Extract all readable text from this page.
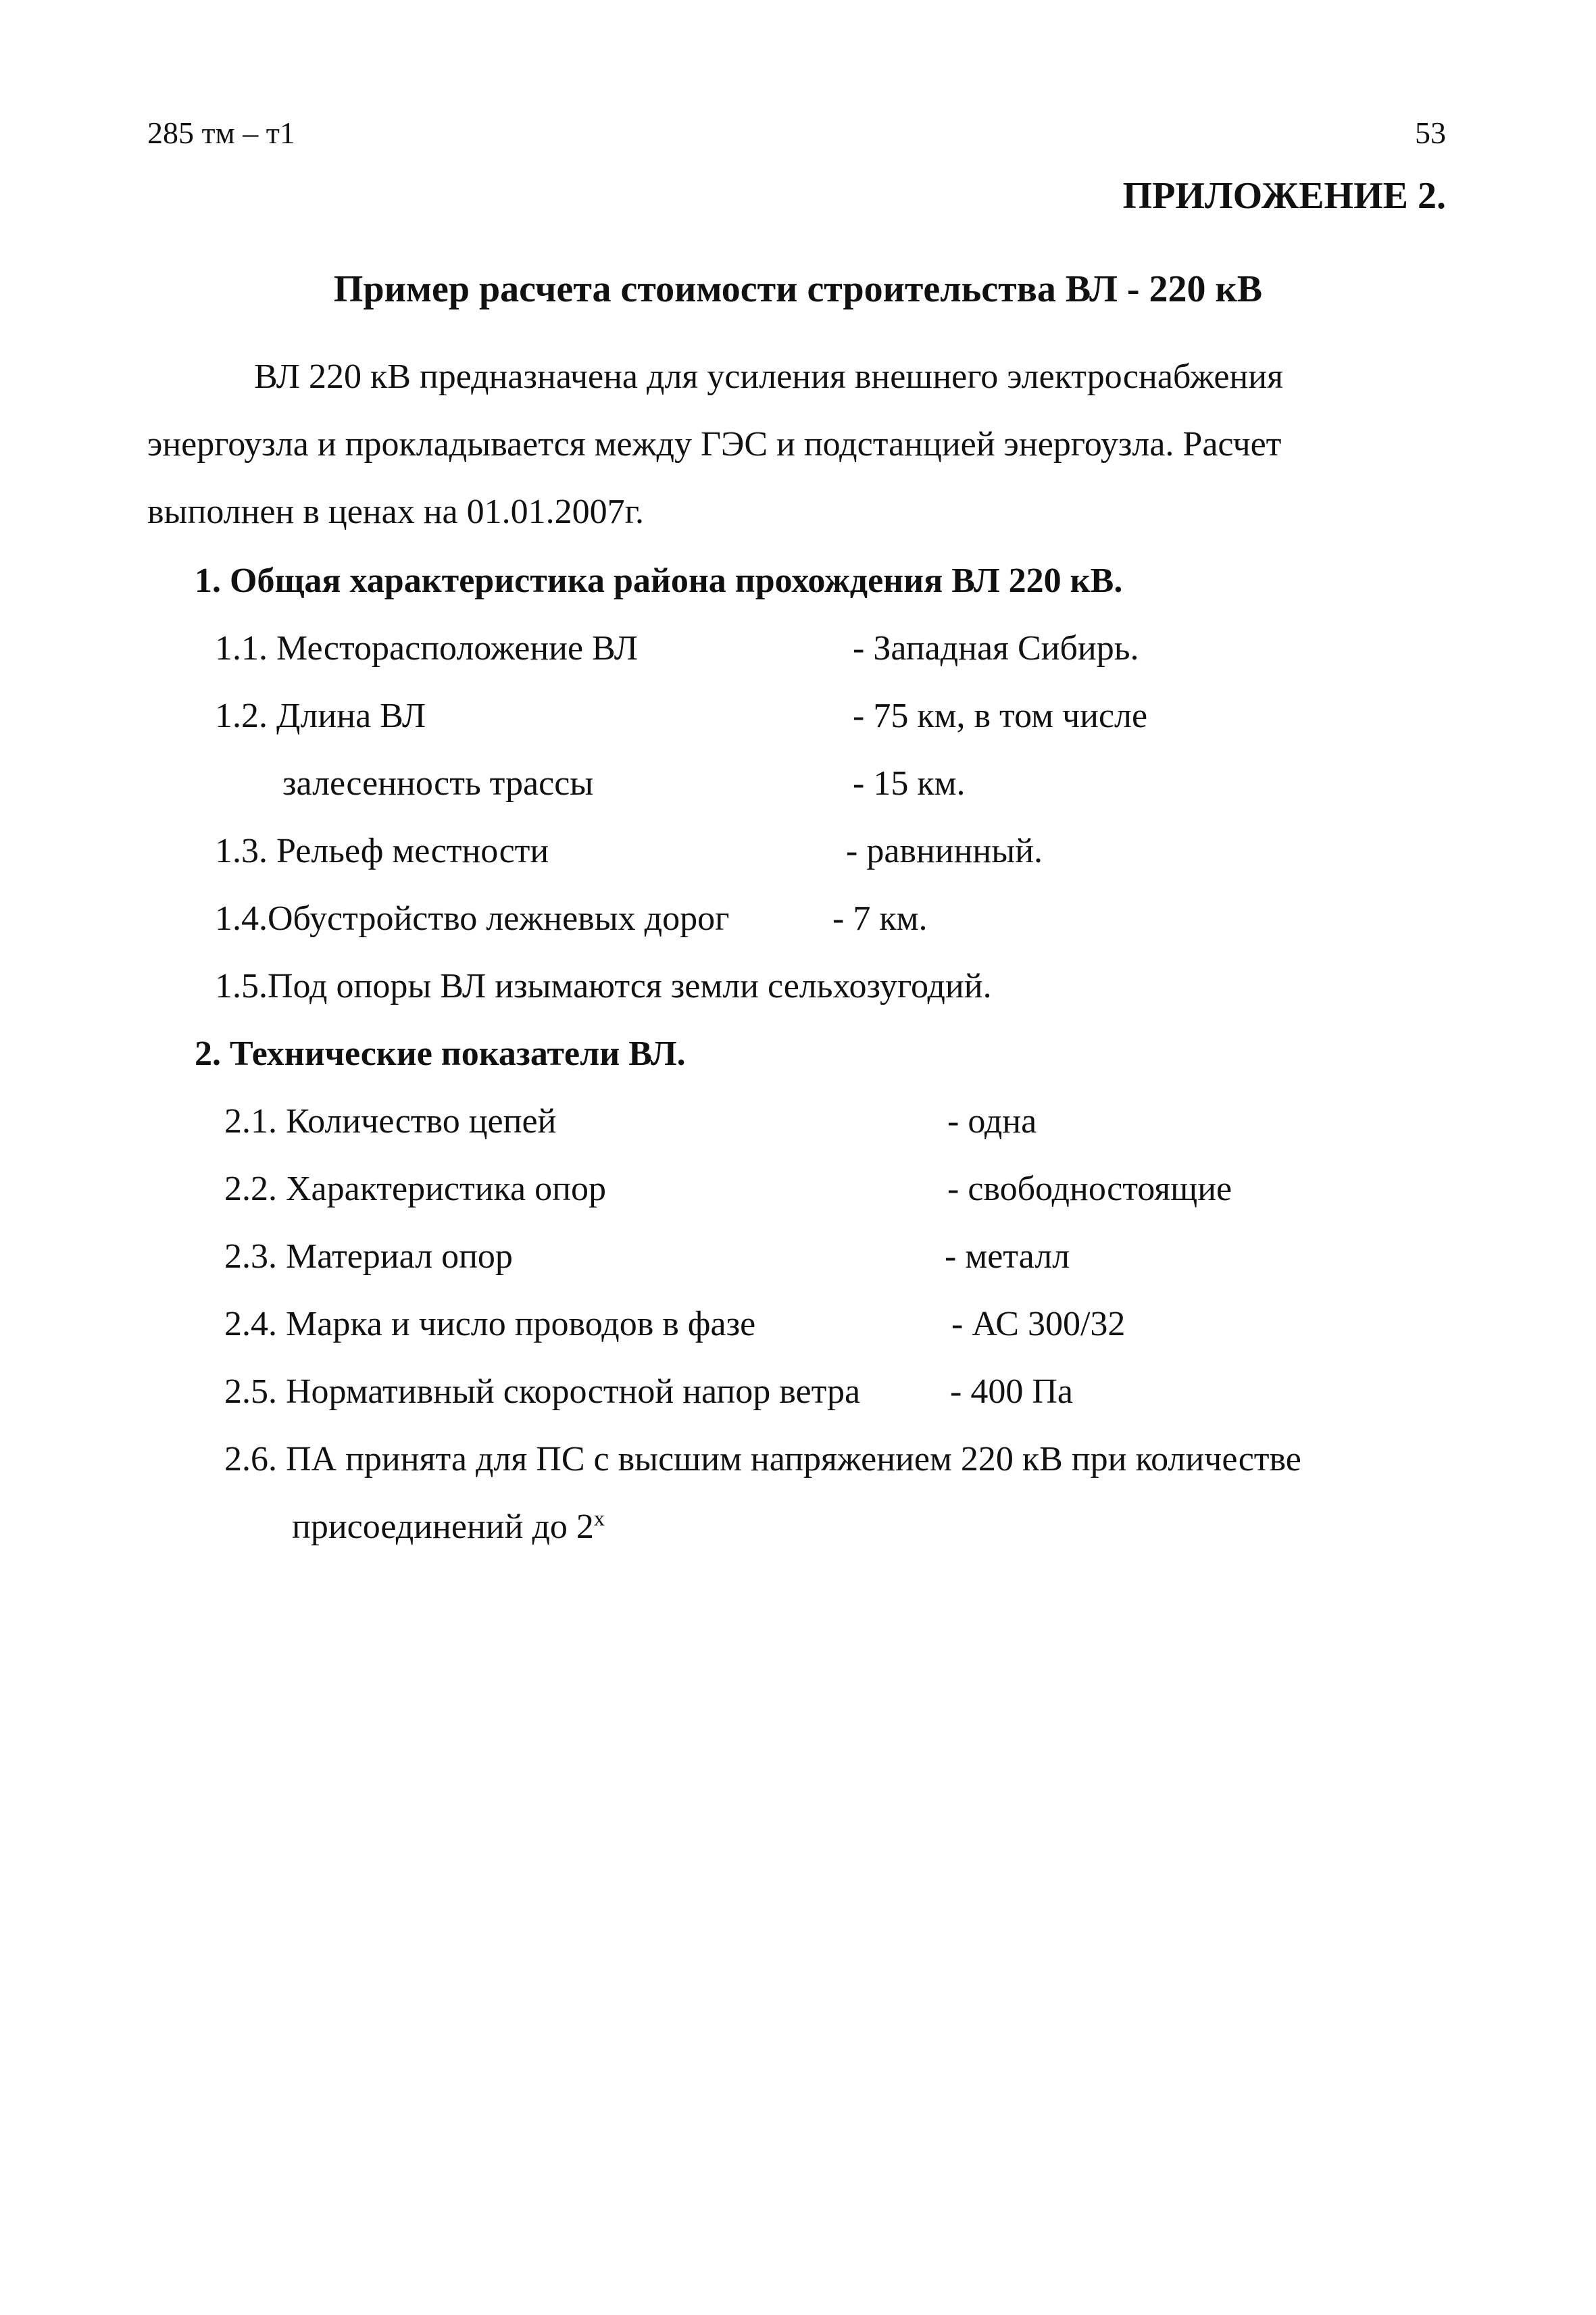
285 тм – т1	53
ПРИЛОЖЕНИЕ 2.
Пример расчета стоимости строительства ВЛ - 220 кВ
ВЛ 220 кВ предназначена для усиления внешнего электроснабжения
энергоузла и прокладывается между ГЭС и подстанцией энергоузла. Расчет
выполнен в ценах на 01.01.2007г.
1. Общая характеристика района прохождения ВЛ 220 кВ.
1.1. Месторасположение ВЛ	- Западная Сибирь.
1.2. Длина ВЛ	- 75 км, в том числе
залесенность трассы	- 15 км.
1.3. Рельеф местности	- равнинный.
1.4.Обустройство лежневых дорог	- 7 км.
1.5.Под опоры ВЛ изымаются земли сельхозугодий.
2. Технические показатели ВЛ.
2.1. Количество цепей	- одна
2.2. Характеристика опор	- свободностоящие
2.3. Материал опор	- металл
2.4. Марка и число проводов в фазе	- АС 300/32
2.5. Нормативный скоростной напор ветра	- 400 Па
2.6. ПА принята для ПС с высшим напряжением 220 кВ при количестве
присоединений до $2^х$
